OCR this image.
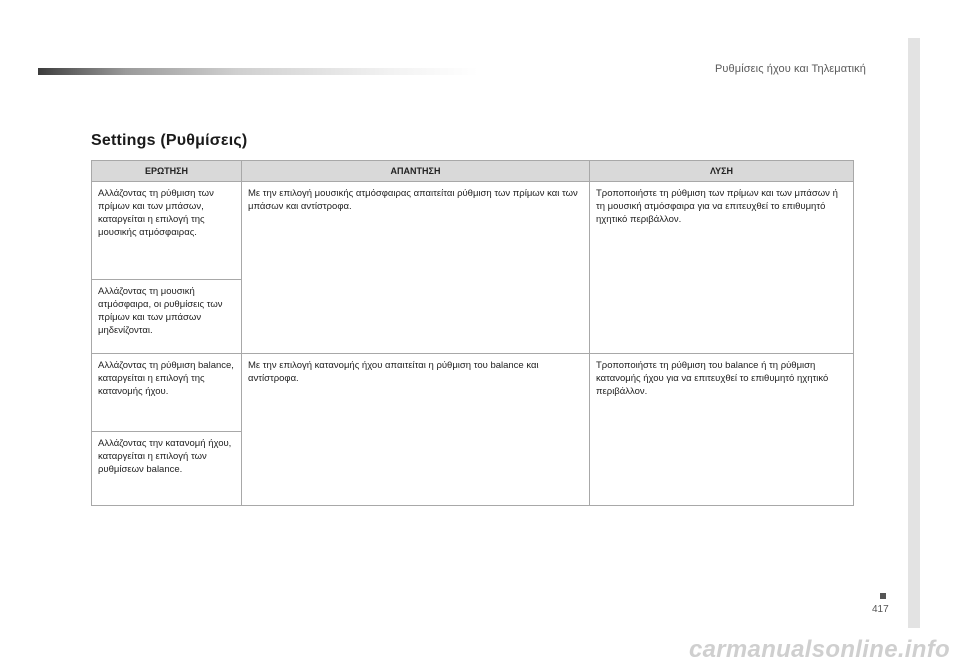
Ρυθμίσεις ήχου και Τηλεματική
Settings (Ρυθμίσεις)
ΕΡΩΤΗΣΗ	ΑΠΑΝΤΗΣΗ	ΛΥΣΗ
Αλλάζοντας τη ρύθμιση των πρίμων και των μπάσων, καταργείται η επιλογή της μουσικής ατμόσφαιρας.	Με την επιλογή μουσικής ατμόσφαιρας απαιτείται ρύθμιση των πρίμων και των μπάσων και αντίστροφα.	Τροποποιήστε τη ρύθμιση των πρίμων και των μπάσων ή τη μουσική ατμόσφαιρα για να επιτευχθεί το επιθυμητό ηχητικό περιβάλλον.
Αλλάζοντας τη μουσική ατμόσφαιρα, οι ρυθμίσεις των πρίμων και των μπάσων μηδενίζονται.		
Αλλάζοντας τη ρύθμιση balance, καταργείται η επιλογή της κατανομής ήχου.	Με την επιλογή κατανομής ήχου απαιτείται η ρύθμιση του balance και αντίστροφα.	Τροποποιήστε τη ρύθμιση του balance ή τη ρύθμιση κατανομής ήχου για να επιτευχθεί το επιθυμητό ηχητικό περιβάλλον.
Αλλάζοντας την κατανομή ήχου, καταργείται η επιλογή των ρυθμίσεων balance.		
417
carmanualsonline.info
